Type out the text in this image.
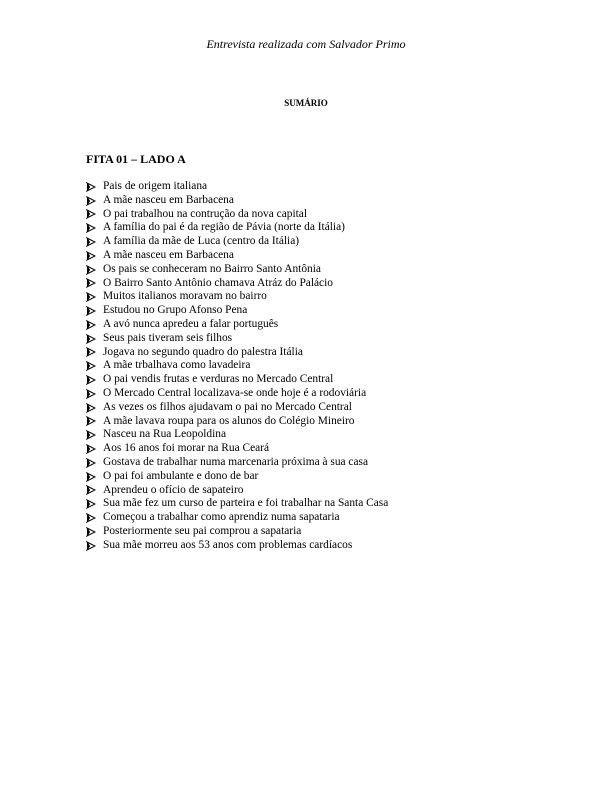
Entrevista realizada com Salvador Primo
SUMÁRIO
FITA 01 – LADO A
Pais de origem italiana
A mãe nasceu em Barbacena
O pai trabalhou na contrução da nova capital
A família do pai é da região de Pávia (norte da Itália)
A família da mãe de Luca (centro da Itália)
A mãe nasceu em Barbacena
Os pais se conheceram no Bairro Santo Antônia
O Bairro Santo Antônio chamava Atráz do Palácio
Muitos italianos moravam no bairro
Estudou no Grupo Afonso Pena
A avó nunca apredeu a falar português
Seus pais tiveram seis filhos
Jogava no segundo quadro do palestra Itália
A mãe trbalhava como lavadeira
O pai vendis frutas e verduras no Mercado Central
O Mercado Central localizava-se onde hoje é a rodoviária
As vezes os filhos ajudavam o pai no Mercado Central
A mãe lavava roupa para os alunos do Colégio Mineiro
Nasceu na Rua Leopoldina
Aos 16 anos foi morar na Rua Ceará
Gostava de trabalhar numa marcenaria próxima à sua casa
O pai foi ambulante e dono de bar
Aprendeu o ofício de sapateiro
Sua mãe fez um curso de parteira e foi trabalhar na Santa Casa
Começou a trabalhar como aprendiz numa sapataria
Posteriormente seu pai comprou a sapataria
Sua mãe morreu aos 53 anos com problemas cardíacos
